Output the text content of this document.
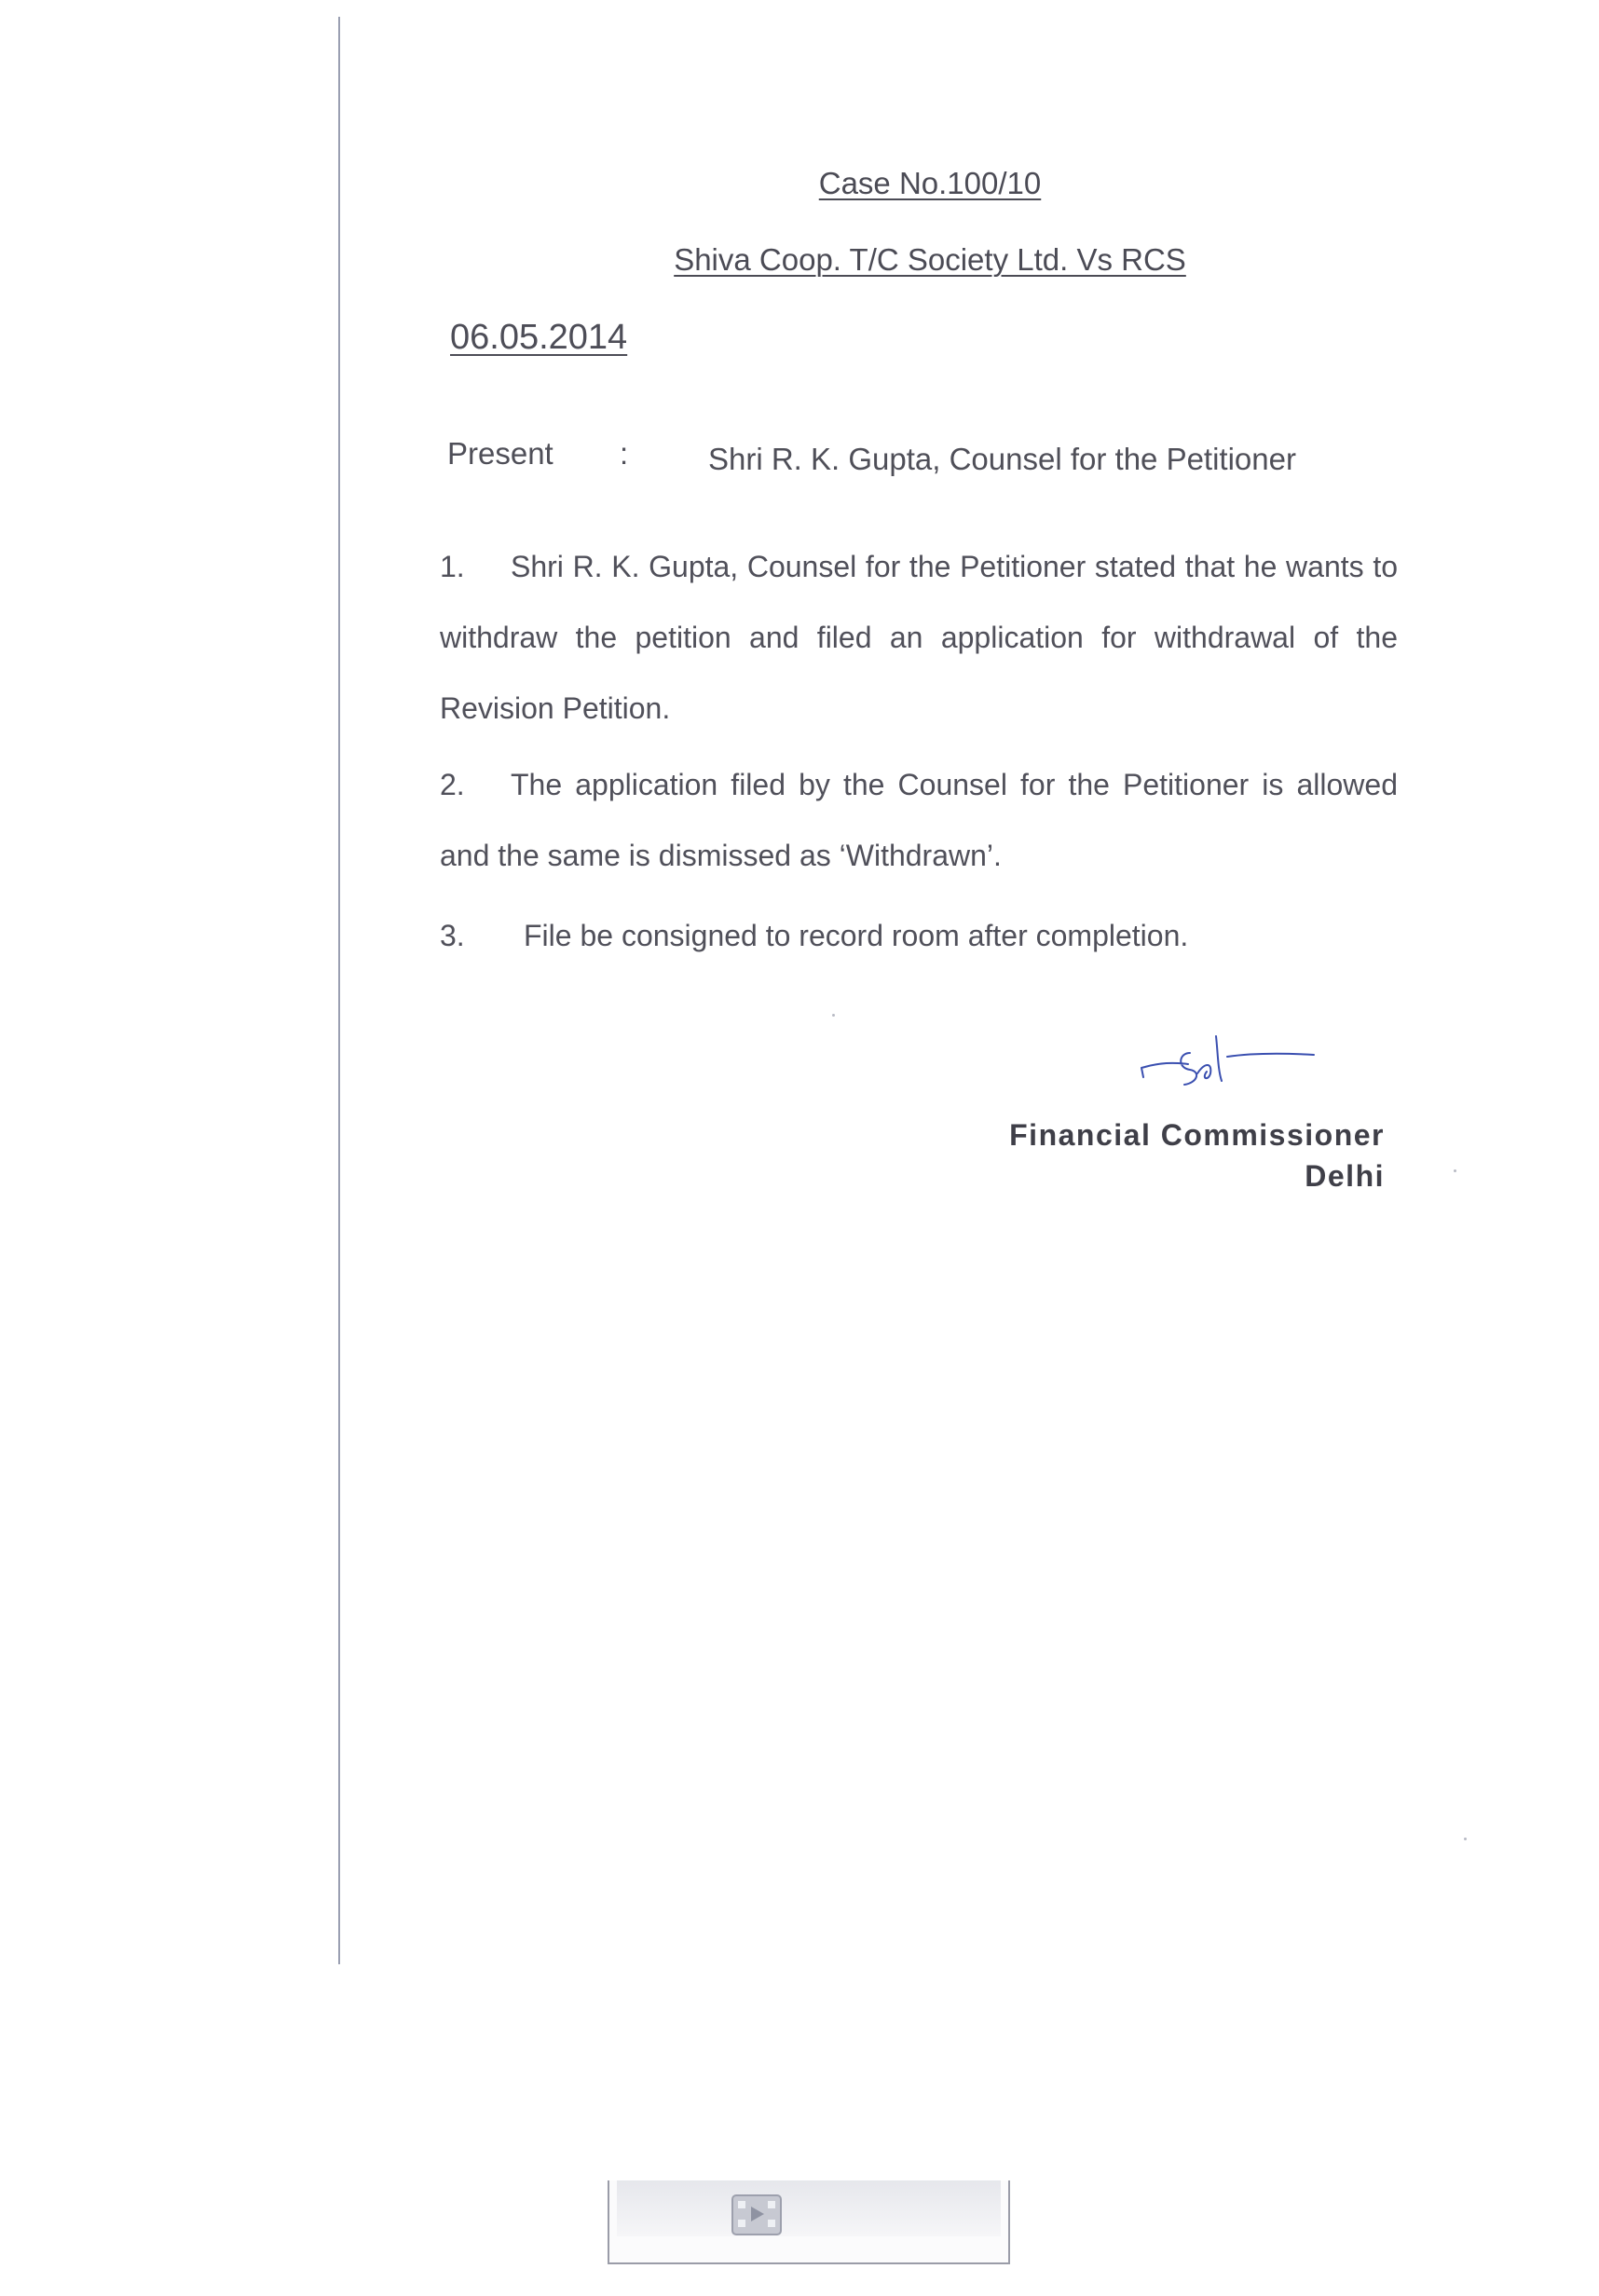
Case No.100/10
Shiva Coop. T/C Society Ltd. Vs RCS
06.05.2014
Present :	Shri R. K. Gupta, Counsel for the Petitioner
1. Shri R. K. Gupta, Counsel for the Petitioner stated that he wants to withdraw the petition and filed an application for withdrawal of the Revision Petition.
2. The application filed by the Counsel for the Petitioner is allowed and the same is dismissed as ‘Withdrawn’.
3. File be consigned to record room after completion.
Financial Commissioner
Delhi
